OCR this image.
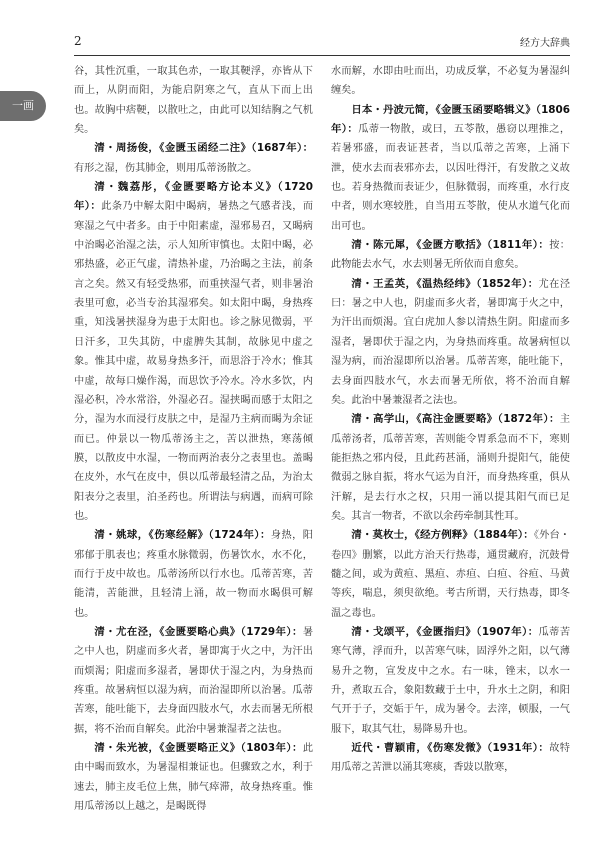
2	经方大辞典
一画

谷，其性沉重，一取其色赤，一取其鞕浮，亦皆从下而上，从阴而阳，为能启阴寒之气，直从下而上出也。故胸中痞鞕，以散吐之，由此可以知结胸之气机矣。

清・周扬俊，《金匮玉函经二注》（1687年）：有形之湿，伤其肺金，则用瓜蒂汤散之。

清・魏荔彤，《金匮要略方论本义》（1720年）：此条乃中解太阳中暍病，暑热之气感者浅，而寒湿之气中者多。由于中阳素虚，湿邪易召，又暍病中治暍必治湿之法，示人知所审慎也。太阳中暍，必邪热盛，必正气虚，清热补虚，乃治暍之主法，前条言之矣。然又有轻受热邪，而重挟湿气者，则非暑治表里可愈，必当专治其湿邪矣。如太阳中暍，身热疼重，知浅暑挟湿身为患于太阳也。诊之脉见微弱，平日汗多，卫失其防，中虚脾失其制，故脉见中虚之象。惟其中虚，故易身热多汗，而思浴于冷水；惟其中虚，故每口燥作渴，而思饮予冷水。冷水多饮，内湿必积，冷水常浴，外湿必召。湿挟暍而感于太阳之分，湿为水而浸行皮肤之中，是湿乃主病而暍为余证而已。仲景以一物瓜蒂汤主之，苦以泄热，寒荡倾膜，以散皮中水湿，一物而两治表分之表里也。盖暍在皮外，水气在皮中，俱以瓜蒂最轻清之品，为治太阳表分之表里，泊圣药也。所谓法与病遇，而病可除也。

清・姚球，《伤寒经解》（1724年）：身热，阳邪郁于肌表也；疼重水脉微弱，伤暑饮水，水不化，而行于皮中故也。瓜蒂汤所以行水也。瓜蒂苦寒，苦能清，苦能泄，且轻清上涌，故一物而水暍俱可解也。

清・尤在泾，《金匮要略心典》（1729年）：暑之中人也，阴虚而多火者，暑即寓于火之中，为汗出而烦渴；阳虚而多湿者，暑即伏于湿之内，为身热而疼重。故暑病恒以湿为病，而治湿即所以治暑。瓜蒂苦寒，能吐能下，去身面四肢水气，水去而暑无所根据，将不治而自解矣。此治中暑兼湿者之法也。

清・朱光被，《金匮要略正义》（1803年）：此由中暍而致水，为暑湿相兼证也。但骤致之水，利于速去，肺主皮毛位上焦，肺气瘁滞，故身热疼重。惟用瓜蒂汤以上越之，是暍既得

水而解，水即由吐而出，功成反掌，不必复为暑湿纠缠矣。

日本・丹波元简，《金匮玉函要略辑义》（1806年）：瓜蒂一物散，或曰，五苓散，愚窃以理推之，若暑邪盛，而表证甚者，当以瓜蒂之苦寒，上涌下泄，使水去而表邪亦去，以因吐得汗，有发散之义故也。若身热微而表证少，但脉微弱，而疼重，水行皮中者，则水寒较胜，自当用五苓散，使从水道气化而出可也。

清・陈元犀，《金匮方歌括》（1811年）：按：此物能去水气，水去则暑无所依而自愈矣。

清・王孟英，《温热经纬》（1852年）：尤在泾曰：暑之中人也，阴虚而多火者，暑即寓于火之中，为汗出而烦渴。宜白虎加人参以清热生阴。阳虚而多湿者，暑即伏于湿之内，为身热而疼重。故暑病恒以湿为病，而治湿即所以治暑。瓜蒂苦寒，能吐能下，去身面四肢水气，水去而暑无所依，将不治而自解矣。此治中暑兼湿者之法也。

清・高学山，《高注金匮要略》（1872年）：主瓜蒂汤者，瓜蒂苦寒，苦则能令胃系急而不下，寒则能拒热之邪内侵，且此药甚涌，涌则升提阳气，能使微弱之脉自振，将水气运为自汗，而身热疼重，俱从汗解，是去行水之权，只用一涌以提其阳气而已足矣。其言一物者，不欲以余药牵制其性耳。

清・莫枚士，《经方例释》（1884年）：《外台・卷四》删繁，以此方治天行热毒，通贯藏府，沉鼓骨髓之间，或为黄疸、黑疸、赤疸、白疸、谷疸、马黄等疾，喘息，须臾欲绝。考古所谓，天行热毒，即冬温之毒也。

清・戈颂平，《金匮指归》（1907年）：瓜蒂苦寒气薄，浮而升，以苦寒气味，固浮外之阳，以气薄易升之物，宣发皮中之水。右一味，锉末，以水一升，煮取五合，象阳数藏于土中，升水土之阴，和阳气开于子，交姤于午，成为暑令。去滓，顿服，一气服下，取其气壮，易降易升也。

近代・曹颖甫，《伤寒发微》（1931年）：故特用瓜蒂之苦泄以涌其寒痰，香豉以散寒，
